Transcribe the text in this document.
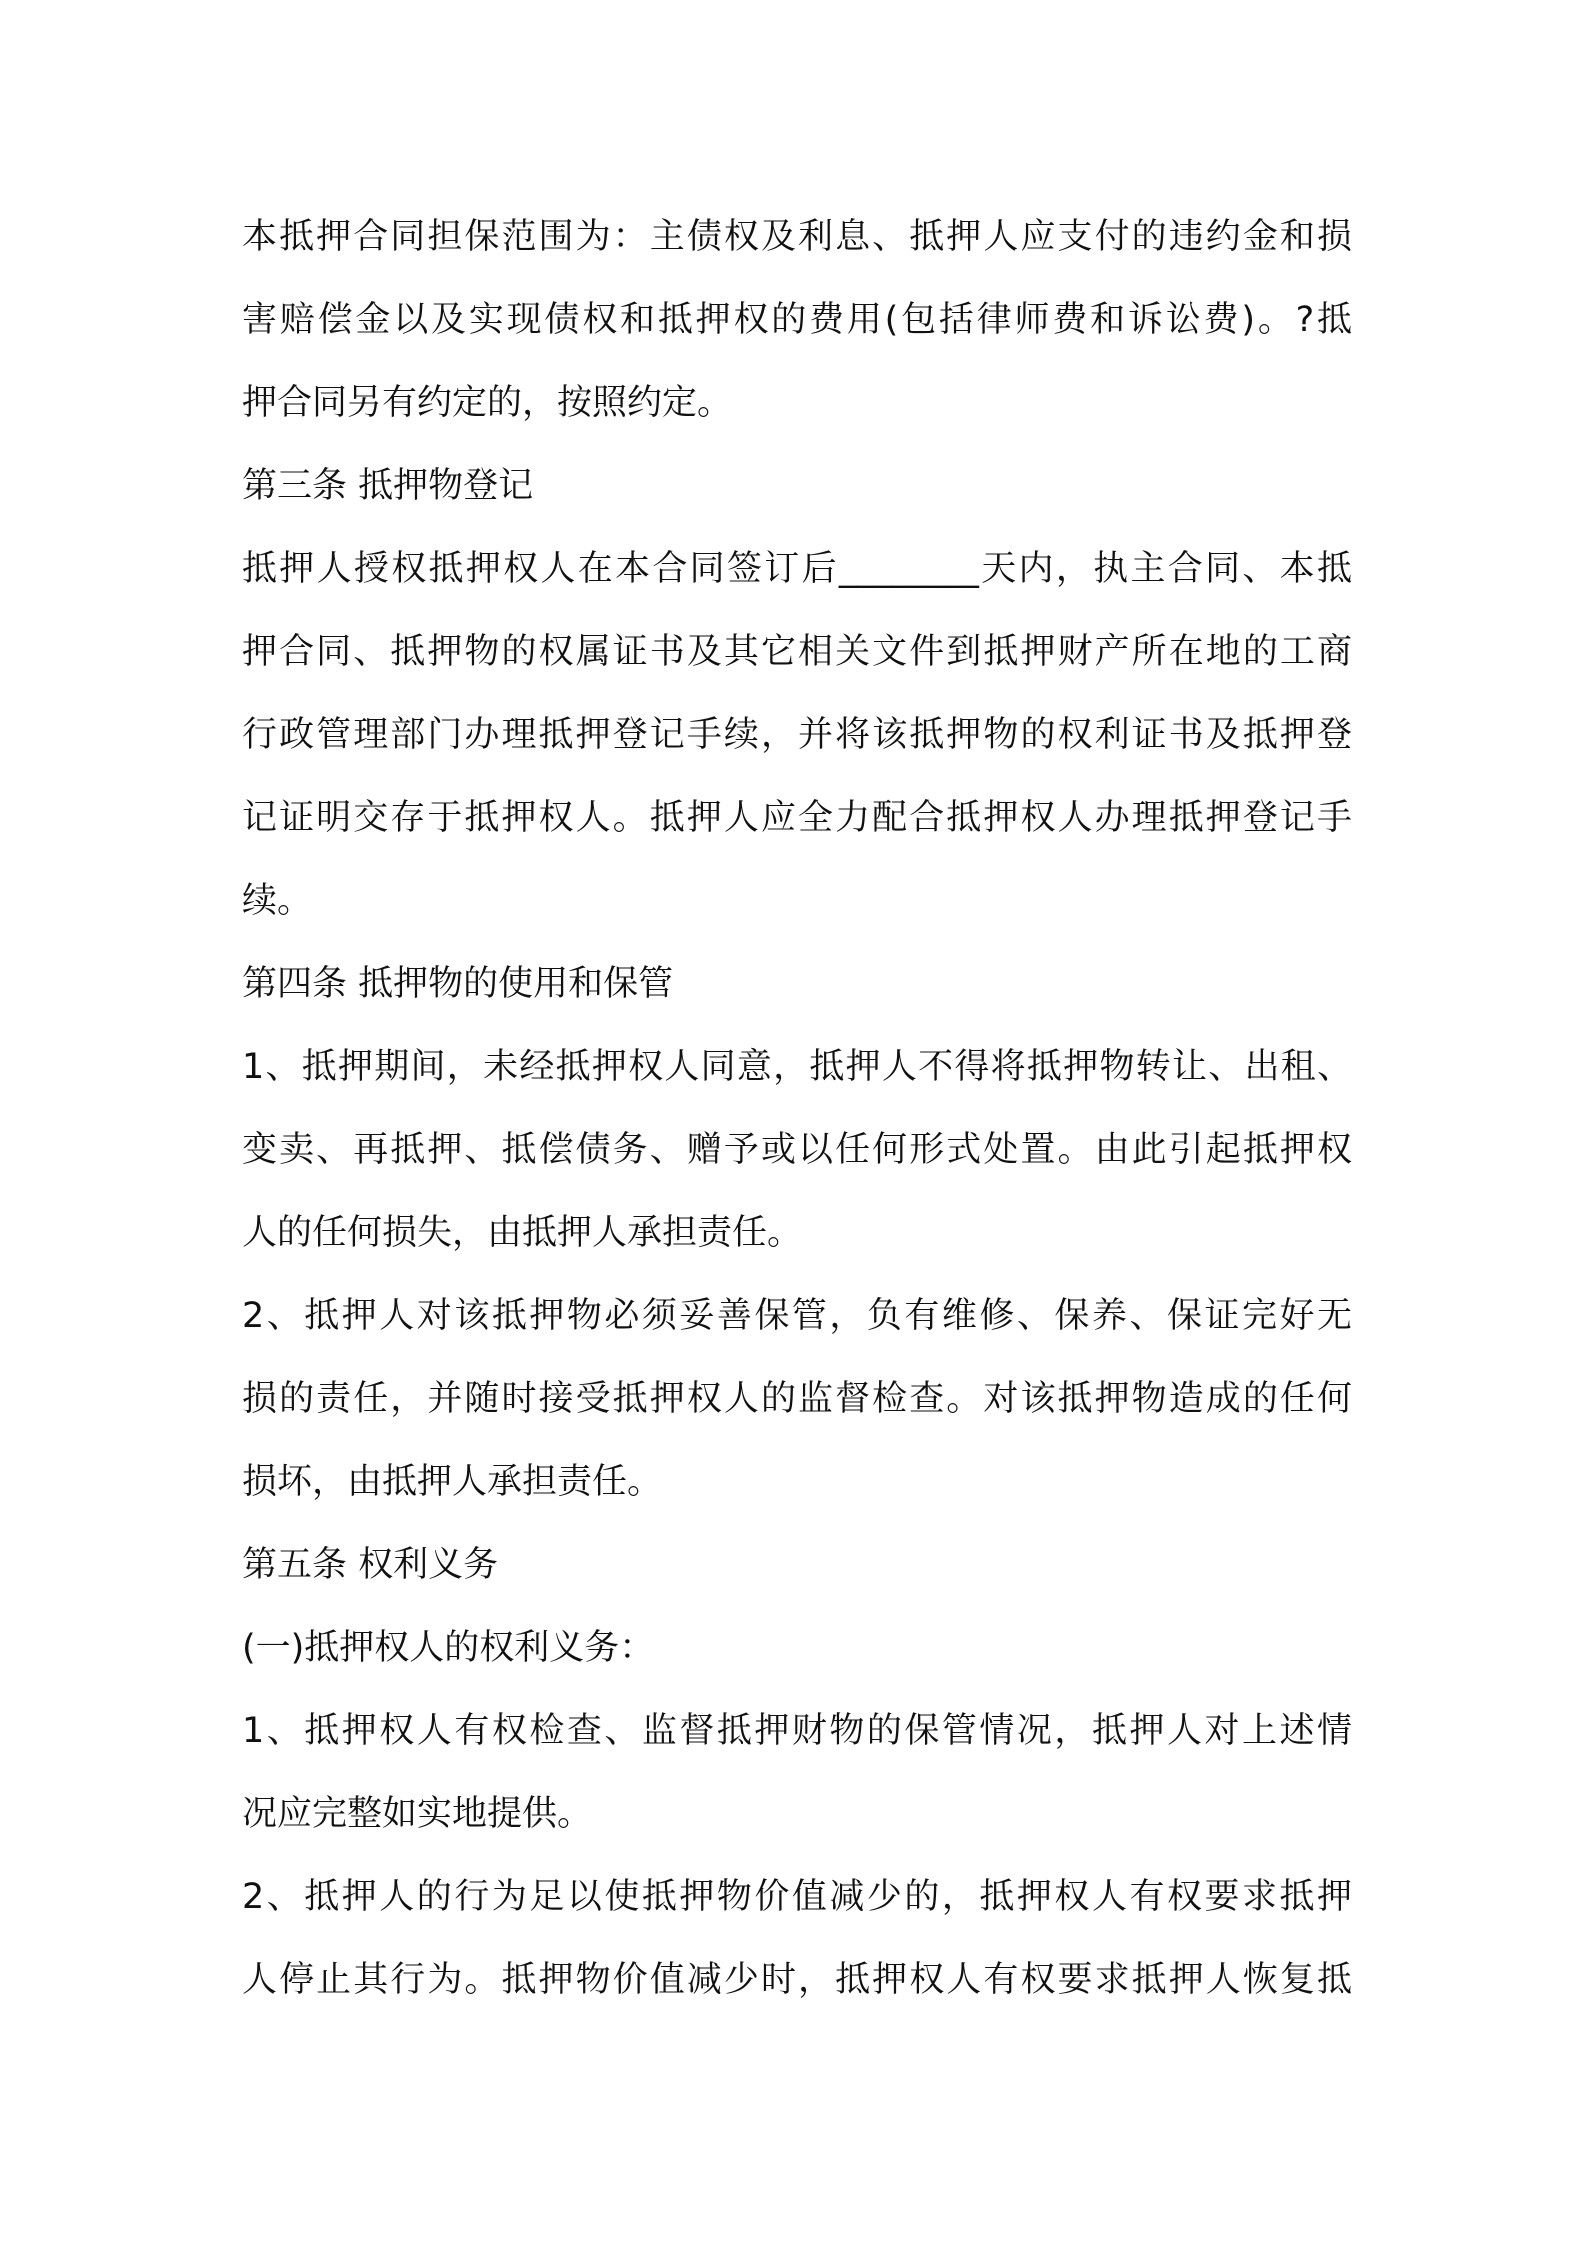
本抵押合同担保范围为：主债权及利息、抵押人应支付的违约金和损
害赔偿金以及实现债权和抵押权的费用(包括律师费和诉讼费)。?抵
押合同另有约定的，按照约定。
第三条 抵押物登记
抵押人授权抵押权人在本合同签订后________天内，执主合同、本抵
押合同、抵押物的权属证书及其它相关文件到抵押财产所在地的工商
行政管理部门办理抵押登记手续，并将该抵押物的权利证书及抵押登
记证明交存于抵押权人。抵押人应全力配合抵押权人办理抵押登记手
续。
第四条 抵押物的使用和保管
1、抵押期间，未经抵押权人同意，抵押人不得将抵押物转让、出租、
变卖、再抵押、抵偿债务、赠予或以任何形式处置。由此引起抵押权
人的任何损失，由抵押人承担责任。
2、抵押人对该抵押物必须妥善保管，负有维修、保养、保证完好无
损的责任，并随时接受抵押权人的监督检查。对该抵押物造成的任何
损坏，由抵押人承担责任。
第五条 权利义务
(一)抵押权人的权利义务：
1、抵押权人有权检查、监督抵押财物的保管情况，抵押人对上述情
况应完整如实地提供。
2、抵押人的行为足以使抵押物价值减少的，抵押权人有权要求抵押
人停止其行为。抵押物价值减少时，抵押权人有权要求抵押人恢复抵
